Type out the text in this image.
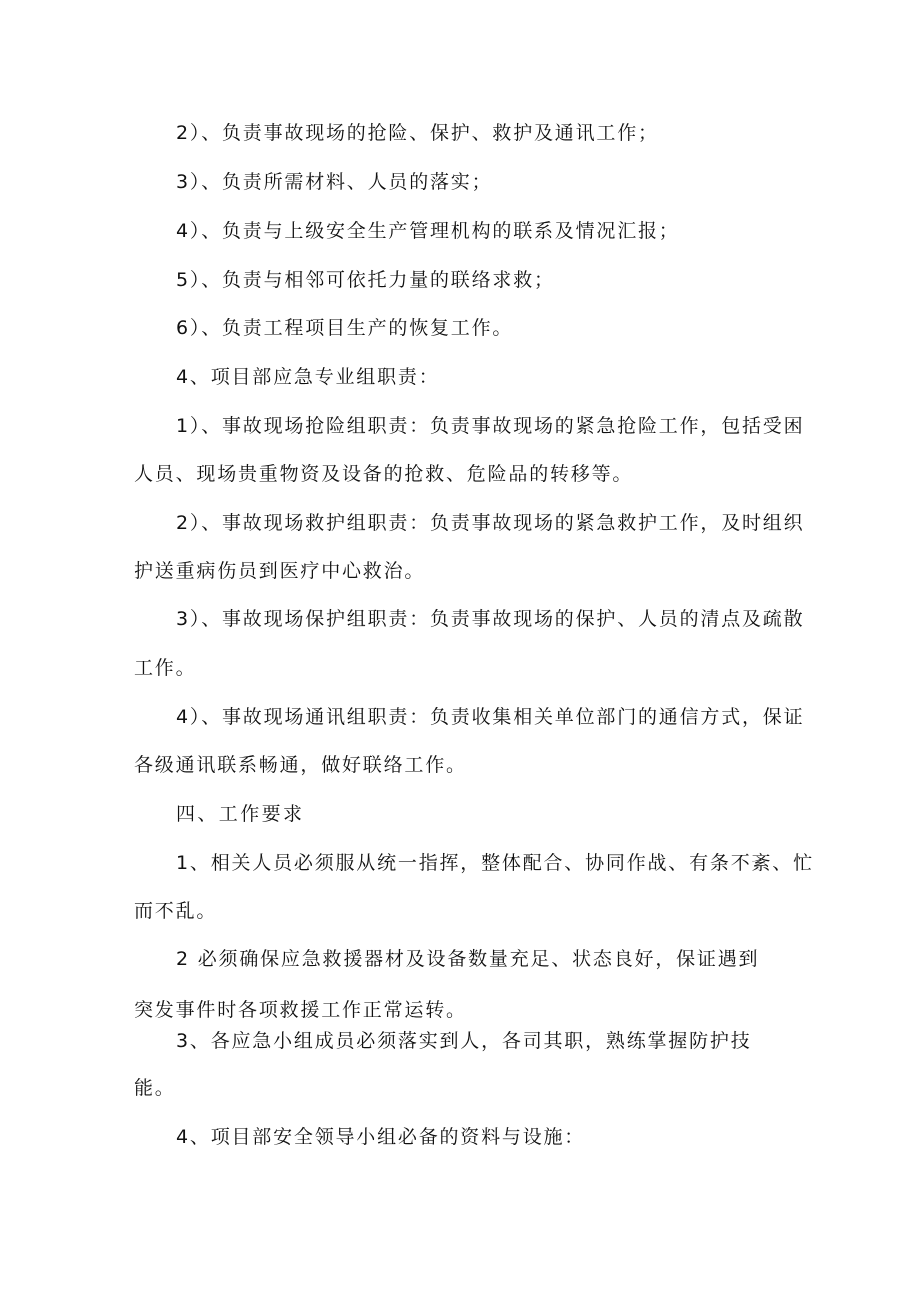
2）、负责事故现场的抢险、保护、救护及通讯工作；
3）、负责所需材料、人员的落实；
4）、负责与上级安全生产管理机构的联系及情况汇报；
5）、负责与相邻可依托力量的联络求救；
6）、负责工程项目生产的恢复工作。
4、项目部应急专业组职责：
1）、事故现场抢险组职责：负责事故现场的紧急抢险工作，包括受困
人员、现场贵重物资及设备的抢救、危险品的转移等。
2）、事故现场救护组职责：负责事故现场的紧急救护工作，及时组织
护送重病伤员到医疗中心救治。
3）、事故现场保护组职责：负责事故现场的保护、人员的清点及疏散
工作。
4）、事故现场通讯组职责：负责收集相关单位部门的通信方式，保证
各级通讯联系畅通，做好联络工作。
四、工作要求
1、相关人员必须服从统一指挥，整体配合、协同作战、有条不紊、忙
而不乱。
2 必须确保应急救援器材及设备数量充足、状态良好，保证遇到
突发事件时各项救援工作正常运转。
3、各应急小组成员必须落实到人，各司其职，熟练掌握防护技
能。
4、项目部安全领导小组必备的资料与设施：
